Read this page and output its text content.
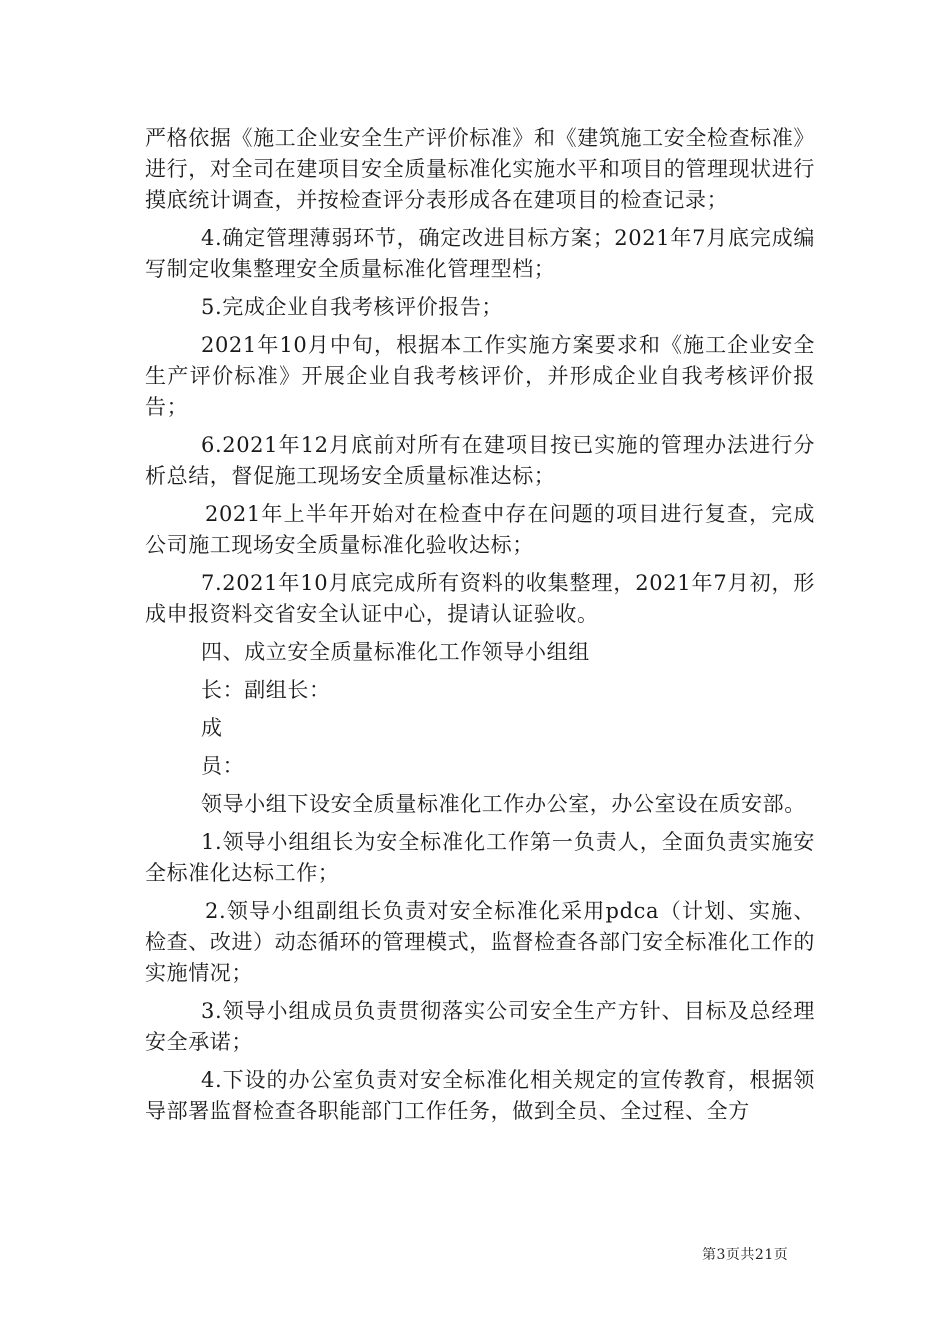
严格依据《施工企业安全生产评价标准》和《建筑施工安全检查标准》进行，对全司在建项目安全质量标准化实施水平和项目的管理现状进行摸底统计调查，并按检查评分表形成各在建项目的检查记录；

4.确定管理薄弱环节，确定改进目标方案；2021年7月底完成编写制定收集整理安全质量标准化管理型档；

5.完成企业自我考核评价报告；

2021年10月中旬，根据本工作实施方案要求和《施工企业安全生产评价标准》开展企业自我考核评价，并形成企业自我考核评价报告；

6.2021年12月底前对所有在建项目按已实施的管理办法进行分析总结，督促施工现场安全质量标准达标；

2021年上半年开始对在检查中存在问题的项目进行复查，完成公司施工现场安全质量标准化验收达标；

7.2021年10月底完成所有资料的收集整理，2021年7月初，形成申报资料交省安全认证中心，提请认证验收。

四、成立安全质量标准化工作领导小组组

长：副组长：

成

员：

领导小组下设安全质量标准化工作办公室，办公室设在质安部。

1.领导小组组长为安全标准化工作第一负责人，全面负责实施安全标准化达标工作；

2.领导小组副组长负责对安全标准化采用pdca（计划、实施、检查、改进）动态循环的管理模式，监督检查各部门安全标准化工作的实施情况；

3.领导小组成员负责贯彻落实公司安全生产方针、目标及总经理安全承诺；

4.下设的办公室负责对安全标准化相关规定的宣传教育，根据领导部署监督检查各职能部门工作任务，做到全员、全过程、全方

第3页共21页
